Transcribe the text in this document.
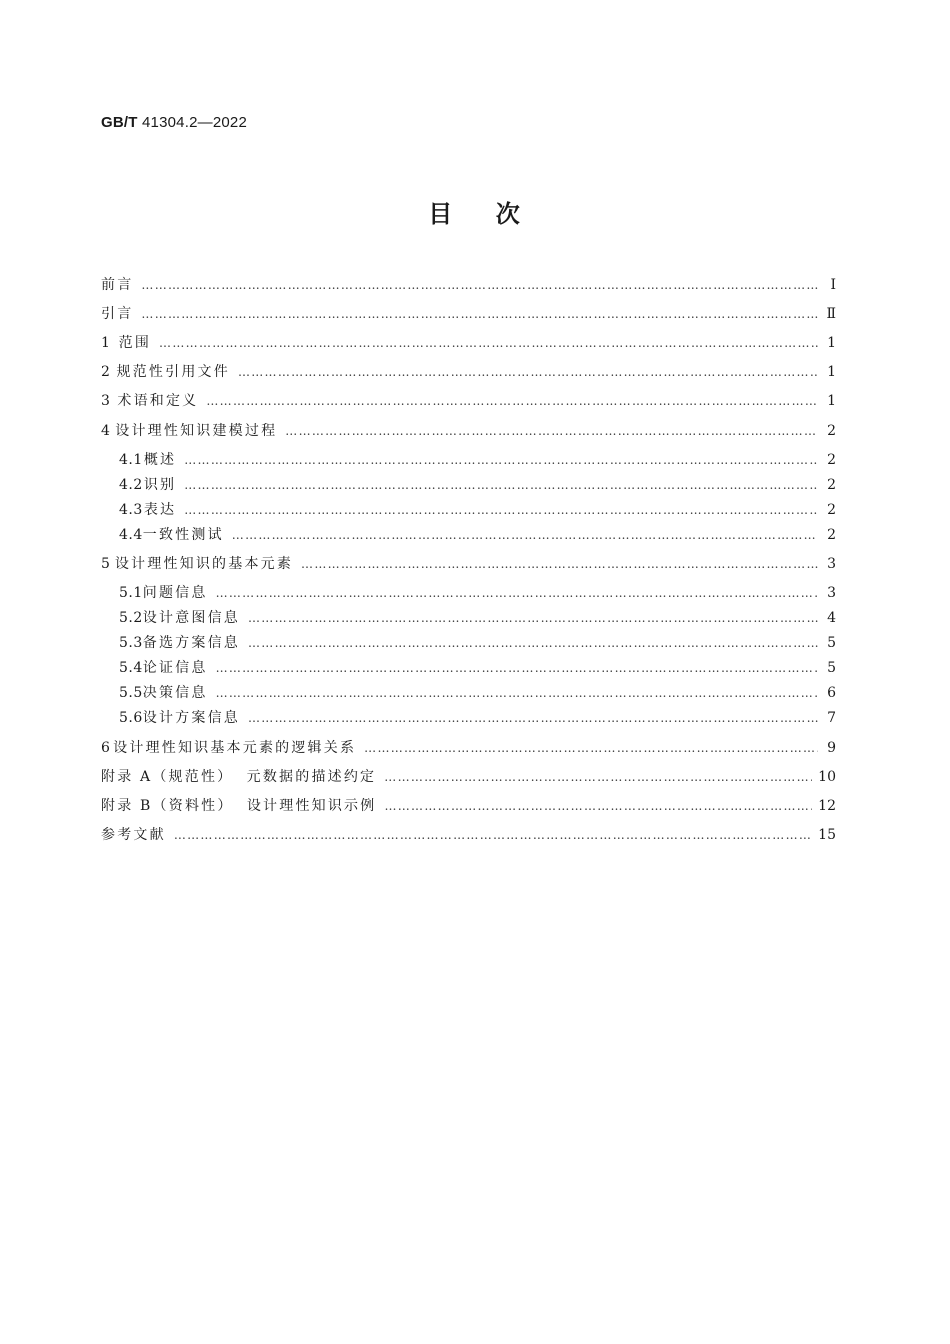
GB/T 41304.2—2022
目    次
前言 …………………………………………………………………………………………………………………………………………………………………………………………………	Ⅰ
引言 …………………………………………………………………………………………………………………………………………………………………………………………………	Ⅱ
1 范围 …………………………………………………………………………………………………………………………………………………………………………………………………	1
2 规范性引用文件 …………………………………………………………………………………………………………………………………………………………………………………………………	1
3 术语和定义 …………………………………………………………………………………………………………………………………………………………………………………………………	1
4 设计理性知识建模过程 …………………………………………………………………………………………………………………………………………………………………………………………………	2
4.1 概述 …………………………………………………………………………………………………………………………………………………………………………………………………	2
4.2 识别 …………………………………………………………………………………………………………………………………………………………………………………………………	2
4.3 表达 …………………………………………………………………………………………………………………………………………………………………………………………………	2
4.4 一致性测试 …………………………………………………………………………………………………………………………………………………………………………………………………	2
5 设计理性知识的基本元素 …………………………………………………………………………………………………………………………………………………………………………………………………	3
5.1 问题信息 …………………………………………………………………………………………………………………………………………………………………………………………………	3
5.2 设计意图信息 …………………………………………………………………………………………………………………………………………………………………………………………………	4
5.3 备选方案信息 …………………………………………………………………………………………………………………………………………………………………………………………………	5
5.4 论证信息 …………………………………………………………………………………………………………………………………………………………………………………………………	5
5.5 决策信息 …………………………………………………………………………………………………………………………………………………………………………………………………	6
5.6 设计方案信息 …………………………………………………………………………………………………………………………………………………………………………………………………	7
6 设计理性知识基本元素的逻辑关系 …………………………………………………………………………………………………………………………………………………………………………………………………	9
附录 A（规范性）  元数据的描述约定 …………………………………………………………………………………………………………………………………………………………………………………………………	10
附录 B（资料性）  设计理性知识示例 …………………………………………………………………………………………………………………………………………………………………………………………………	12
参考文献 …………………………………………………………………………………………………………………………………………………………………………………………………	15
